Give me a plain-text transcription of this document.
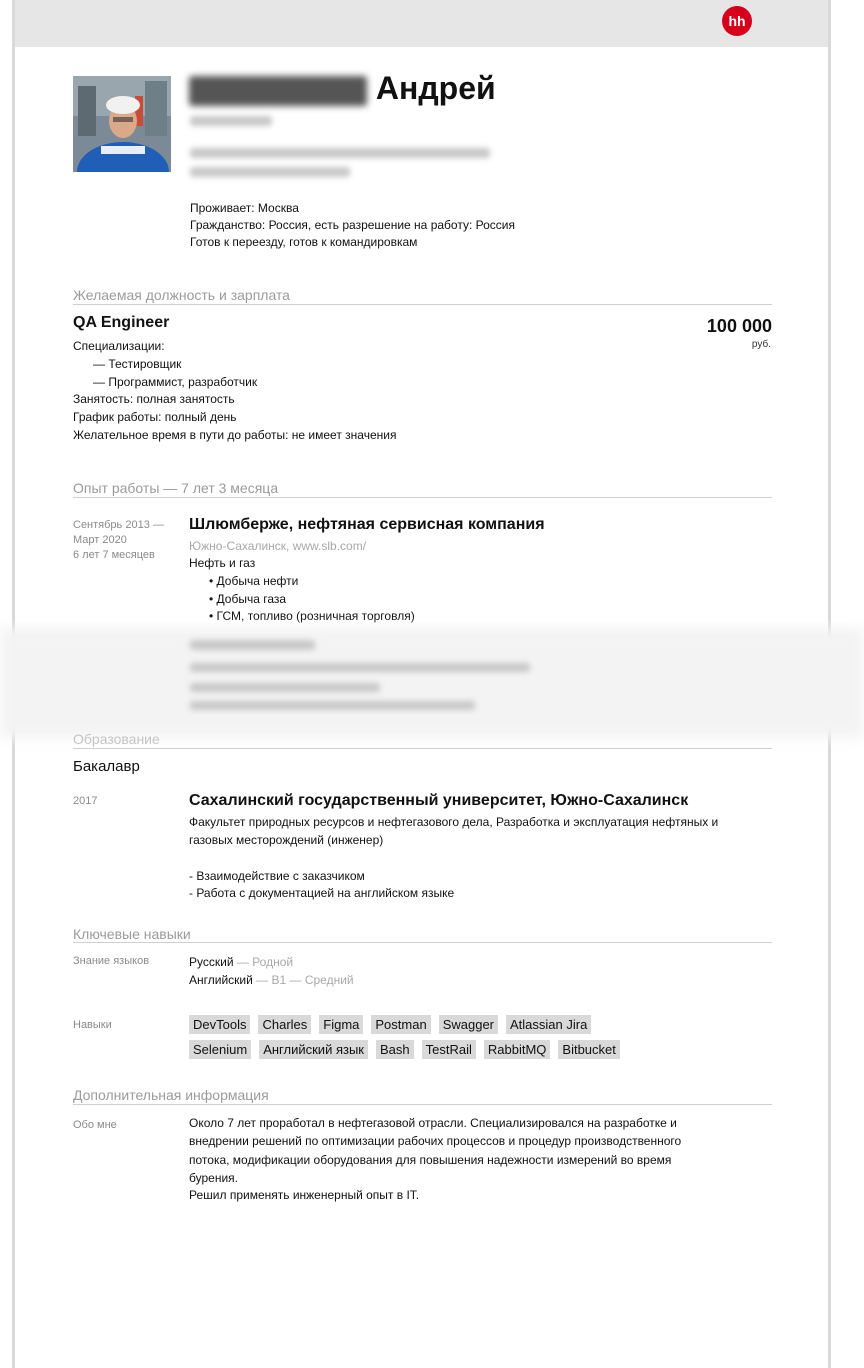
hh
Андрей
Проживает: Москва
Гражданство: Россия, есть разрешение на работу: Россия
Готов к переезду, готов к командировкам
Желаемая должность и зарплата
QA Engineer	100 000
руб.
Специализации:
— Тестировщик
— Программист, разработчик
Занятость: полная занятость
График работы: полный день
Желательное время в пути до работы: не имеет значения
Опыт работы — 7 лет 3 месяца
Сентябрь 2013 —
Март 2020
6 лет 7 месяцев
Шлюмберже, нефтяная сервисная компания
Южно-Сахалинск, www.slb.com/
Нефть и газ
• Добыча нефти
• Добыча газа
• ГСМ, топливо (розничная торговля)
Образование
Бакалавр
2017	Сахалинский государственный университет, Южно-Сахалинск
Факультет природных ресурсов и нефтегазового дела, Разработка и эксплуатация нефтяных и
газовых месторождений (инженер)
- Взаимодействие с заказчиком
- Работа с документацией на английском языке
Ключевые навыки
Знание языков	Русский — Родной
Английский — B1 — Средний
Навыки	DevTools	Charles	Figma	Postman	Swagger	Atlassian Jira
Selenium	Английский язык	Bash	TestRail	RabbitMQ	Bitbucket
Дополнительная информация
Обо мне	Около 7 лет проработал в нефтегазовой отрасли. Специализировался на разработке и
внедрении решений по оптимизации рабочих процессов и процедур производственного
потока, модификации оборудования для повышения надежности измерений во время
бурения.
Решил применять инженерный опыт в IT.
